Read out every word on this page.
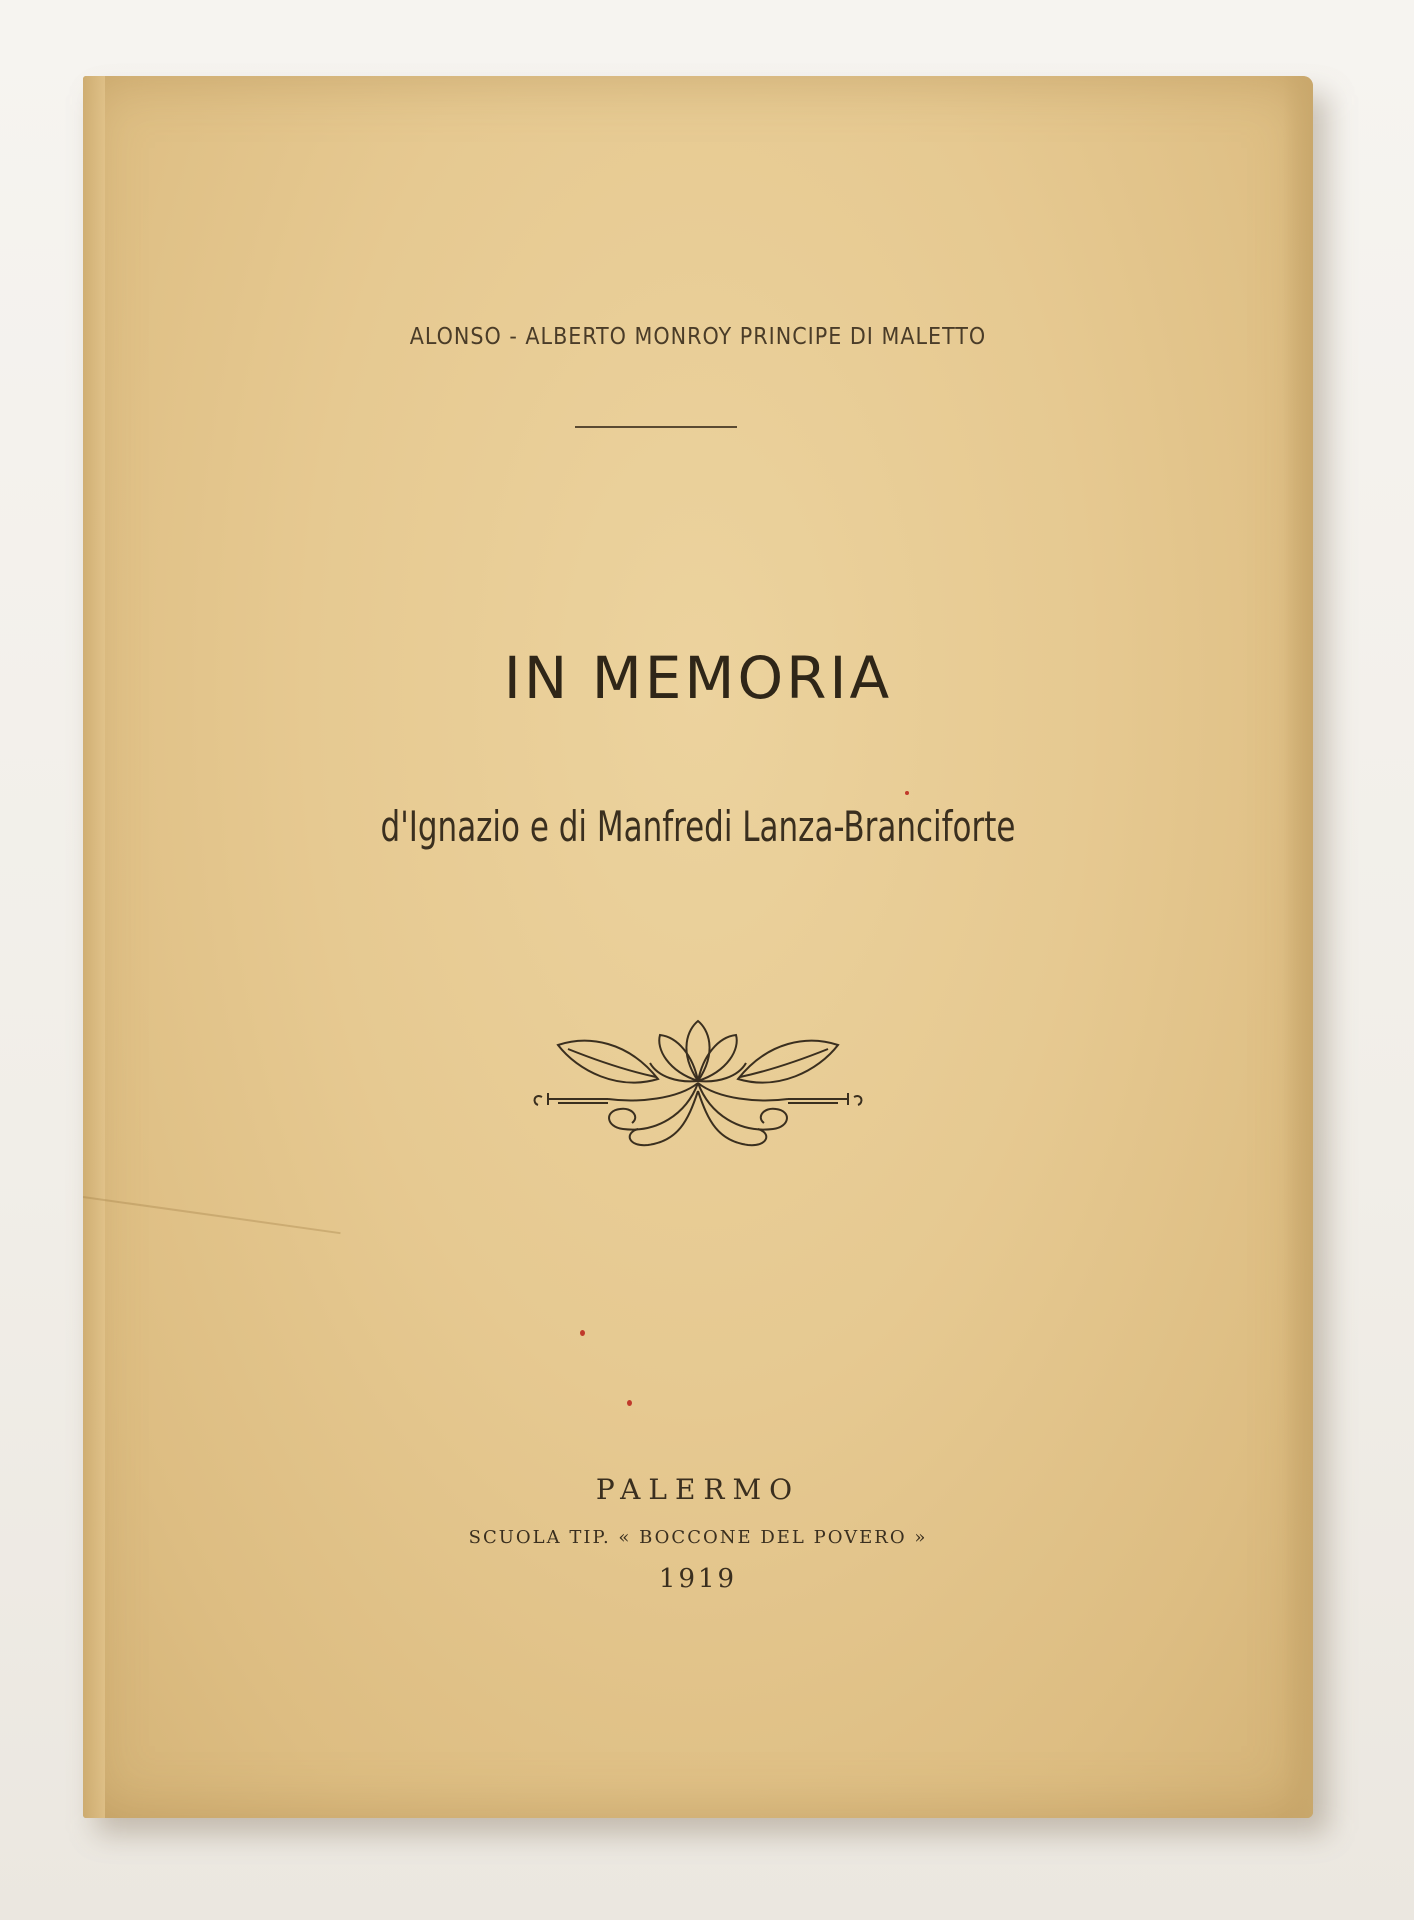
ALONSO - ALBERTO MONROY PRINCIPE DI MALETTO
IN MEMORIA
d'Ignazio e di Manfredi Lanza-Branciforte
PALERMO
SCUOLA TIP. « BOCCONE DEL POVERO »
1919
